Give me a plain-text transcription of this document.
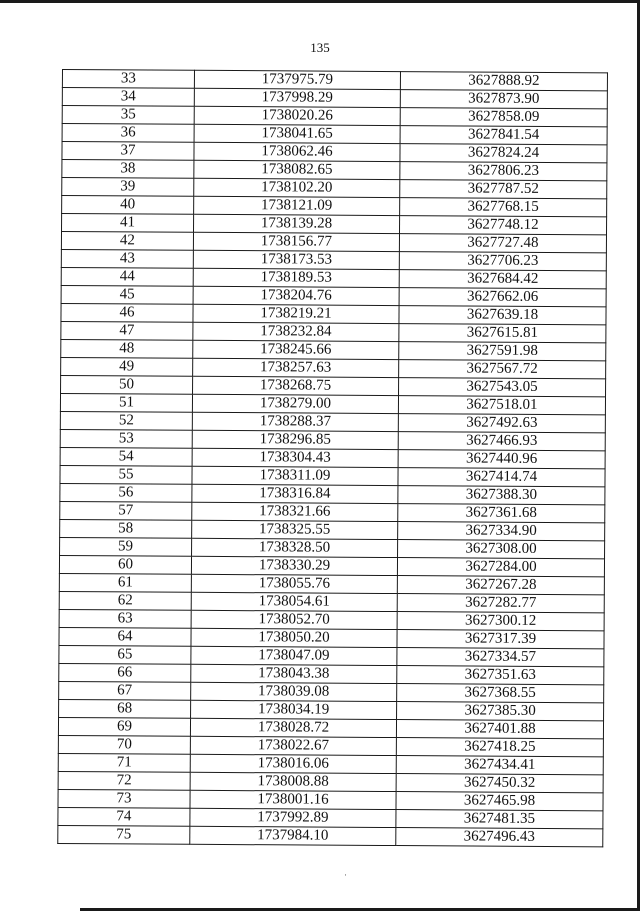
135
33	1737975.79	3627888.92
34	1737998.29	3627873.90
35	1738020.26	3627858.09
36	1738041.65	3627841.54
37	1738062.46	3627824.24
38	1738082.65	3627806.23
39	1738102.20	3627787.52
40	1738121.09	3627768.15
41	1738139.28	3627748.12
42	1738156.77	3627727.48
43	1738173.53	3627706.23
44	1738189.53	3627684.42
45	1738204.76	3627662.06
46	1738219.21	3627639.18
47	1738232.84	3627615.81
48	1738245.66	3627591.98
49	1738257.63	3627567.72
50	1738268.75	3627543.05
51	1738279.00	3627518.01
52	1738288.37	3627492.63
53	1738296.85	3627466.93
54	1738304.43	3627440.96
55	1738311.09	3627414.74
56	1738316.84	3627388.30
57	1738321.66	3627361.68
58	1738325.55	3627334.90
59	1738328.50	3627308.00
60	1738330.29	3627284.00
61	1738055.76	3627267.28
62	1738054.61	3627282.77
63	1738052.70	3627300.12
64	1738050.20	3627317.39
65	1738047.09	3627334.57
66	1738043.38	3627351.63
67	1738039.08	3627368.55
68	1738034.19	3627385.30
69	1738028.72	3627401.88
70	1738022.67	3627418.25
71	1738016.06	3627434.41
72	1738008.88	3627450.32
73	1738001.16	3627465.98
74	1737992.89	3627481.35
75	1737984.10	3627496.43
·
